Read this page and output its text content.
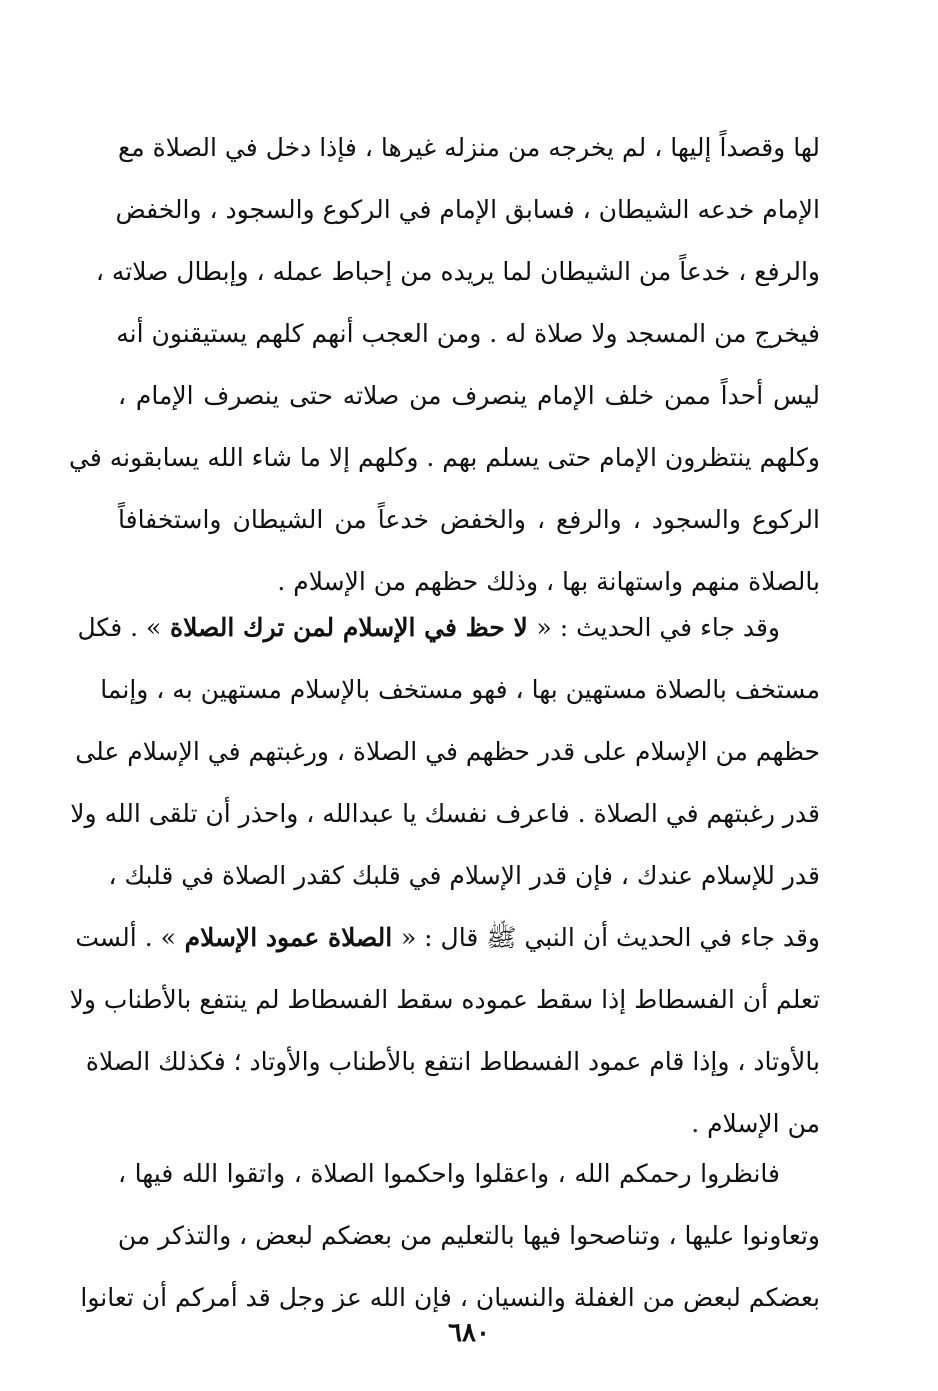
لها وقصداً إليها ، لم يخرجه من منزله غيرها ، فإذا دخل في الصلاة مع
الإمام خدعه الشيطان ، فسابق الإمام في الركوع والسجود ، والخفض
والرفع ، خدعاً من الشيطان لما يريده من إحباط عمله ، وإبطال صلاته ،
فيخرج من المسجد ولا صلاة له . ومن العجب أنهم كلهم يستيقنون أنه
ليس أحداً ممن خلف الإمام ينصرف من صلاته حتى ينصرف الإمام ،
وكلهم ينتظرون الإمام حتى يسلم بهم . وكلهم إلا ما شاء الله يسابقونه في
الركوع والسجود ، والرفع ، والخفض خدعاً من الشيطان واستخفافاً
بالصلاة منهم واستهانة بها ، وذلك حظهم من الإسلام .
وقد جاء في الحديث : « لا حظ في الإسلام لمن ترك الصلاة » . فكل
مستخف بالصلاة مستهين بها ، فهو مستخف بالإسلام مستهين به ، وإنما
حظهم من الإسلام على قدر حظهم في الصلاة ، ورغبتهم في الإسلام على
قدر رغبتهم في الصلاة . فاعرف نفسك يا عبدالله ، واحذر أن تلقى الله ولا
قدر للإسلام عندك ، فإن قدر الإسلام في قلبك كقدر الصلاة في قلبك ،
وقد جاء في الحديث أن النبي ﷺ قال : « الصلاة عمود الإسلام » . ألست
تعلم أن الفسطاط إذا سقط عموده سقط الفسطاط لم ينتفع بالأطناب ولا
بالأوتاد ، وإذا قام عمود الفسطاط انتفع بالأطناب والأوتاد ؛ فكذلك الصلاة
من الإسلام .
فانظروا رحمكم الله ، واعقلوا واحكموا الصلاة ، واتقوا الله فيها ،
وتعاونوا عليها ، وتناصحوا فيها بالتعليم من بعضكم لبعض ، والتذكر من
بعضكم لبعض من الغفلة والنسيان ، فإن الله عز وجل قد أمركم أن تعانوا
٦٨٠
